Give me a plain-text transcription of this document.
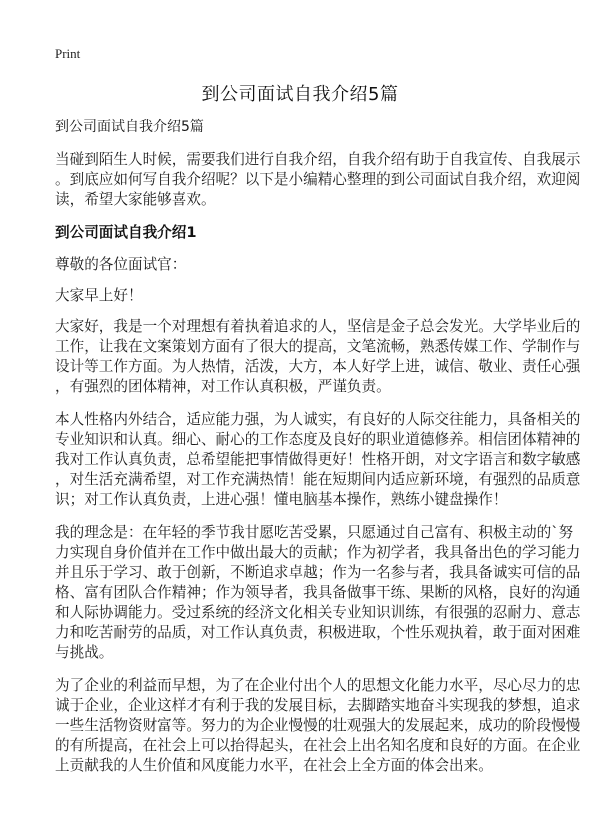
Print
到公司面试自我介绍5篇

到公司面试自我介绍5篇

当碰到陌生人时候，需要我们进行自我介绍，自我介绍有助于自我宣传、自我展示
。到底应如何写自我介绍呢？以下是小编精心整理的到公司面试自我介绍，欢迎阅
读，希望大家能够喜欢。

到公司面试自我介绍1

尊敬的各位面试官：

大家早上好！

大家好，我是一个对理想有着执着追求的人，坚信是金子总会发光。大学毕业后的
工作，让我在文案策划方面有了很大的提高，文笔流畅，熟悉传媒工作、学制作与
设计等工作方面。为人热情，活泼，大方，本人好学上进，诚信、敬业、责任心强
，有强烈的团体精神，对工作认真积极，严谨负责。

本人性格内外结合，适应能力强，为人诚实，有良好的人际交往能力，具备相关的
专业知识和认真。细心、耐心的工作态度及良好的职业道德修养。相信团体精神的
我对工作认真负责，总希望能把事情做得更好！性格开朗，对文字语言和数字敏感
，对生活充满希望，对工作充满热情！能在短期间内适应新环境，有强烈的品质意
识；对工作认真负责，上进心强！懂电脑基本操作，熟练小键盘操作！

我的理念是：在年轻的季节我甘愿吃苦受累，只愿通过自己富有、积极主动的`努
力实现自身价值并在工作中做出最大的贡献；作为初学者，我具备出色的学习能力
并且乐于学习、敢于创新，不断追求卓越；作为一名参与者，我具备诚实可信的品
格、富有团队合作精神；作为领导者，我具备做事干练、果断的风格，良好的沟通
和人际协调能力。受过系统的经济文化相关专业知识训练，有很强的忍耐力、意志
力和吃苦耐劳的品质，对工作认真负责，积极进取，个性乐观执着，敢于面对困难
与挑战。

为了企业的利益而早想，为了在企业付出个人的思想文化能力水平，尽心尽力的忠
诚于企业，企业这样才有利于我的发展目标，去脚踏实地奋斗实现我的梦想，追求
一些生活物资财富等。努力的为企业慢慢的壮观强大的发展起来，成功的阶段慢慢
的有所提高，在社会上可以抬得起头，在社会上出名知名度和良好的方面。在企业
上贡献我的人生价值和风度能力水平，在社会上全方面的体会出来。
